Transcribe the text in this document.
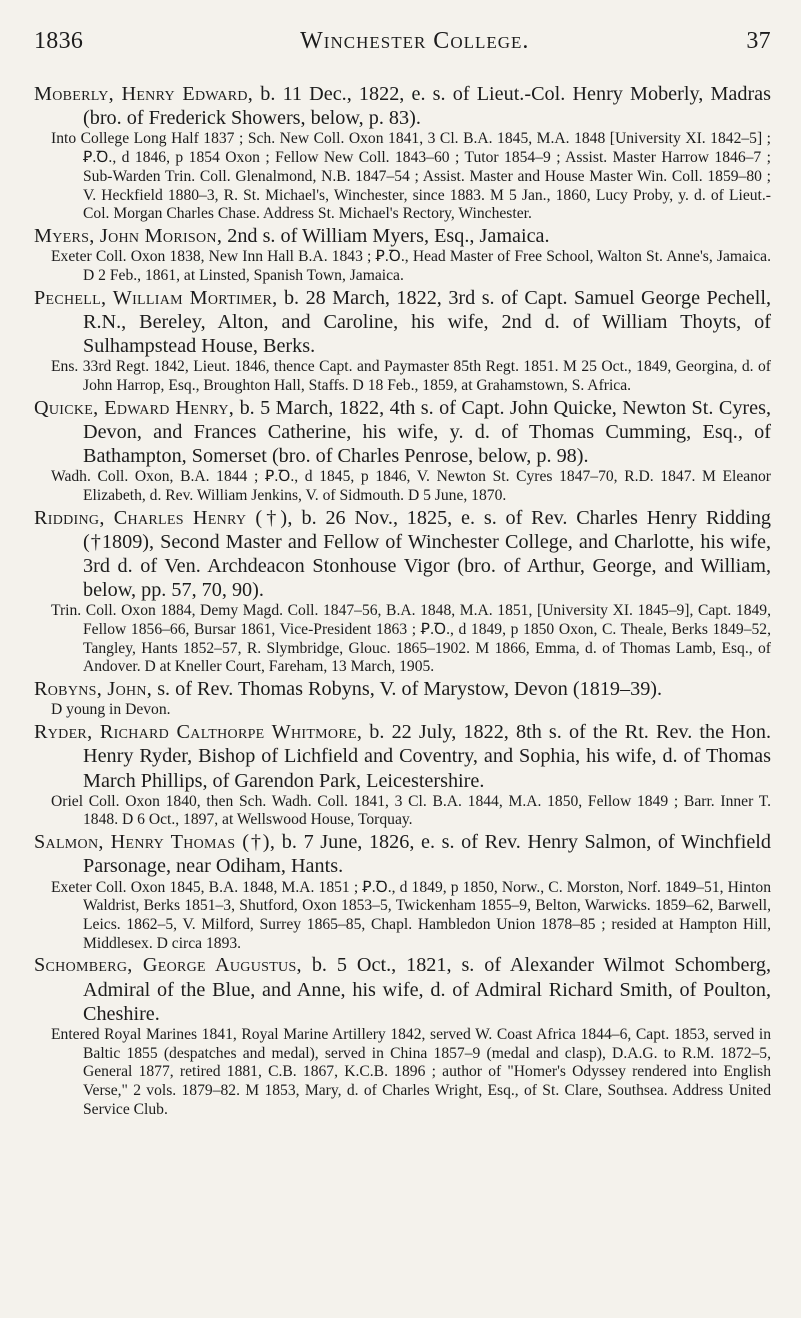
1836	Winchester College.	37

Moberly, Henry Edward, b. 11 Dec., 1822, e. s. of Lieut.-Col. Henry Moberly, Madras (bro. of Frederick Showers, below, p. 83).

Into College Long Half 1837 ; Sch. New Coll. Oxon 1841, 3 Cl. B.A. 1845, M.A. 1848 [University XI. 1842–5] ; Ꝑ.Ꝺ., d 1846, p 1854 Oxon ; Fellow New Coll. 1843–60 ; Tutor 1854–9 ; Assist. Master Harrow 1846–7 ; Sub-Warden Trin. Coll. Glenalmond, N.B. 1847–54 ; Assist. Master and House Master Win. Coll. 1859–80 ; V. Heckfield 1880–3, R. St. Michael's, Winchester, since 1883. M 5 Jan., 1860, Lucy Proby, y. d. of Lieut.-Col. Morgan Charles Chase. Address St. Michael's Rectory, Winchester.

Myers, John Morison, 2nd s. of William Myers, Esq., Jamaica.

Exeter Coll. Oxon 1838, New Inn Hall B.A. 1843 ; Ꝑ.Ꝺ., Head Master of Free School, Walton St. Anne's, Jamaica. D 2 Feb., 1861, at Linsted, Spanish Town, Jamaica.

Pechell, William Mortimer, b. 28 March, 1822, 3rd s. of Capt. Samuel George Pechell, R.N., Bereley, Alton, and Caroline, his wife, 2nd d. of William Thoyts, of Sulhampstead House, Berks.

Ens. 33rd Regt. 1842, Lieut. 1846, thence Capt. and Paymaster 85th Regt. 1851. M 25 Oct., 1849, Georgina, d. of John Harrop, Esq., Broughton Hall, Staffs. D 18 Feb., 1859, at Grahamstown, S. Africa.

Quicke, Edward Henry, b. 5 March, 1822, 4th s. of Capt. John Quicke, Newton St. Cyres, Devon, and Frances Catherine, his wife, y. d. of Thomas Cumming, Esq., of Bathampton, Somerset (bro. of Charles Penrose, below, p. 98).

Wadh. Coll. Oxon, B.A. 1844 ; Ꝑ.Ꝺ., d 1845, p 1846, V. Newton St. Cyres 1847–70, R.D. 1847. M Eleanor Elizabeth, d. Rev. William Jenkins, V. of Sidmouth. D 5 June, 1870.

Ridding, Charles Henry (†), b. 26 Nov., 1825, e. s. of Rev. Charles Henry Ridding (†1809), Second Master and Fellow of Winchester College, and Charlotte, his wife, 3rd d. of Ven. Archdeacon Stonhouse Vigor (bro. of Arthur, George, and William, below, pp. 57, 70, 90).

Trin. Coll. Oxon 1884, Demy Magd. Coll. 1847–56, B.A. 1848, M.A. 1851, [University XI. 1845–9], Capt. 1849, Fellow 1856–66, Bursar 1861, Vice-President 1863 ; Ꝑ.Ꝺ., d 1849, p 1850 Oxon, C. Theale, Berks 1849–52, Tangley, Hants 1852–57, R. Slymbridge, Glouc. 1865–1902. M 1866, Emma, d. of Thomas Lamb, Esq., of Andover. D at Kneller Court, Fareham, 13 March, 1905.

Robyns, John, s. of Rev. Thomas Robyns, V. of Marystow, Devon (1819–39).

D young in Devon.

Ryder, Richard Calthorpe Whitmore, b. 22 July, 1822, 8th s. of the Rt. Rev. the Hon. Henry Ryder, Bishop of Lichfield and Coventry, and Sophia, his wife, d. of Thomas March Phillips, of Garendon Park, Leicestershire.

Oriel Coll. Oxon 1840, then Sch. Wadh. Coll. 1841, 3 Cl. B.A. 1844, M.A. 1850, Fellow 1849 ; Barr. Inner T. 1848. D 6 Oct., 1897, at Wellswood House, Torquay.

Salmon, Henry Thomas (†), b. 7 June, 1826, e. s. of Rev. Henry Salmon, of Winchfield Parsonage, near Odiham, Hants.

Exeter Coll. Oxon 1845, B.A. 1848, M.A. 1851 ; Ꝑ.Ꝺ., d 1849, p 1850, Norw., C. Morston, Norf. 1849–51, Hinton Waldrist, Berks 1851–3, Shutford, Oxon 1853–5, Twickenham 1855–9, Belton, Warwicks. 1859–62, Barwell, Leics. 1862–5, V. Milford, Surrey 1865–85, Chapl. Hambledon Union 1878–85 ; resided at Hampton Hill, Middlesex. D circa 1893.

Schomberg, George Augustus, b. 5 Oct., 1821, s. of Alexander Wilmot Schomberg, Admiral of the Blue, and Anne, his wife, d. of Admiral Richard Smith, of Poulton, Cheshire.

Entered Royal Marines 1841, Royal Marine Artillery 1842, served W. Coast Africa 1844–6, Capt. 1853, served in Baltic 1855 (despatches and medal), served in China 1857–9 (medal and clasp), D.A.G. to R.M. 1872–5, General 1877, retired 1881, C.B. 1867, K.C.B. 1896 ; author of "Homer's Odyssey rendered into English Verse," 2 vols. 1879–82. M 1853, Mary, d. of Charles Wright, Esq., of St. Clare, Southsea. Address United Service Club.
